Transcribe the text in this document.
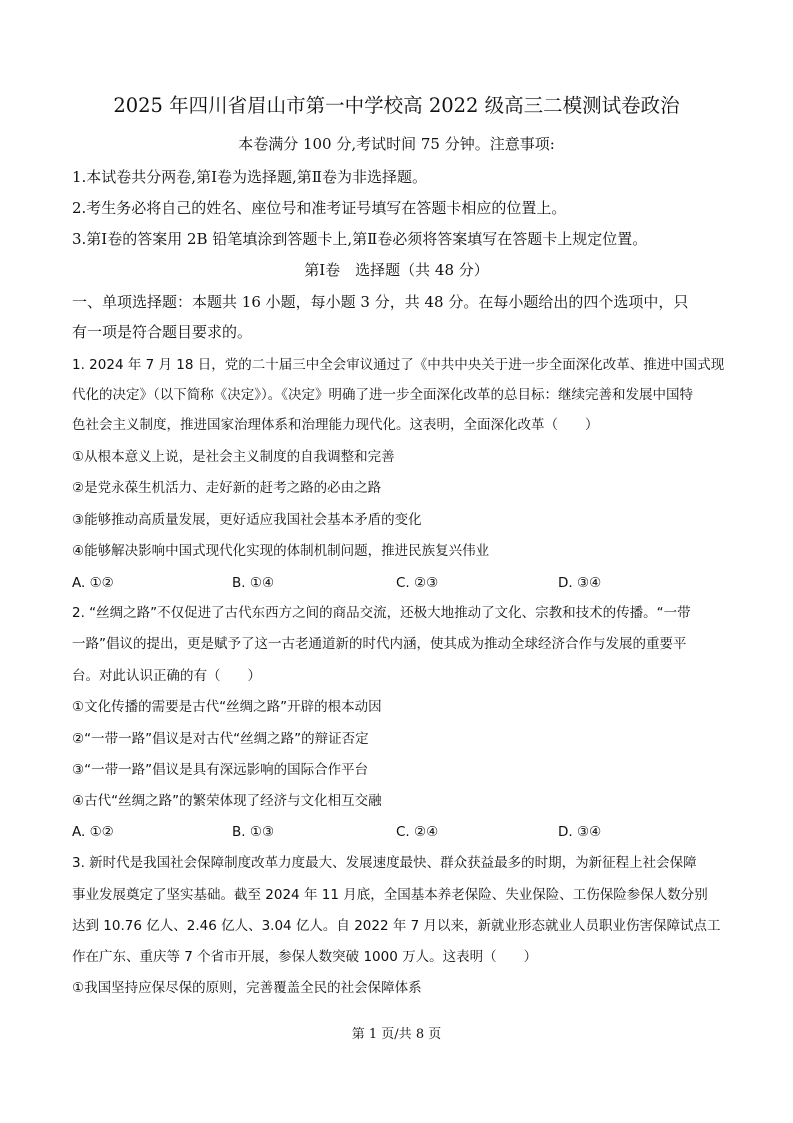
2025 年四川省眉山市第一中学校高 2022 级高三二模测试卷政治
本卷满分 100 分,考试时间 75 分钟。注意事项:
1.本试卷共分两卷,第Ⅰ卷为选择题,第Ⅱ卷为非选择题。
2.考生务必将自己的姓名、座位号和准考证号填写在答题卡相应的位置上。
3.第Ⅰ卷的答案用 2B 铅笔填涂到答题卡上,第Ⅱ卷必须将答案填写在答题卡上规定位置。
第Ⅰ卷　选择题（共 48 分）
一、单项选择题：本题共 16 小题，每小题 3 分，共 48 分。在每小题给出的四个选项中，只
有一项是符合题目要求的。
1. 2024 年 7 月 18 日，党的二十届三中全会审议通过了《中共中央关于进一步全面深化改革、推进中国式现
代化的决定》（以下简称《决定》）。《决定》明确了进一步全面深化改革的总目标：继续完善和发展中国特
色社会主义制度，推进国家治理体系和治理能力现代化。这表明，全面深化改革（　　）
①从根本意义上说，是社会主义制度的自我调整和完善
②是党永葆生机活力、走好新的赶考之路的必由之路
③能够推动高质量发展，更好适应我国社会基本矛盾的变化
④能够解决影响中国式现代化实现的体制机制问题，推进民族复兴伟业
A. ①②	B. ①④	C. ②③	D. ③④
2. “丝绸之路”不仅促进了古代东西方之间的商品交流，还极大地推动了文化、宗教和技术的传播。“一带
一路”倡议的提出，更是赋予了这一古老通道新的时代内涵，使其成为推动全球经济合作与发展的重要平
台。对此认识正确的有（　　）
①文化传播的需要是古代“丝绸之路”开辟的根本动因
②“一带一路”倡议是对古代“丝绸之路”的辩证否定
③“一带一路”倡议是具有深远影响的国际合作平台
④古代“丝绸之路”的繁荣体现了经济与文化相互交融
A. ①②	B. ①③	C. ②④	D. ③④
3. 新时代是我国社会保障制度改革力度最大、发展速度最快、群众获益最多的时期，为新征程上社会保障
事业发展奠定了坚实基础。截至 2024 年 11 月底，全国基本养老保险、失业保险、工伤保险参保人数分别
达到 10.76 亿人、2.46 亿人、3.04 亿人。自 2022 年 7 月以来，新就业形态就业人员职业伤害保障试点工
作在广东、重庆等 7 个省市开展，参保人数突破 1000 万人。这表明（　　）
①我国坚持应保尽保的原则，完善覆盖全民的社会保障体系
第 1 页/共 8 页
